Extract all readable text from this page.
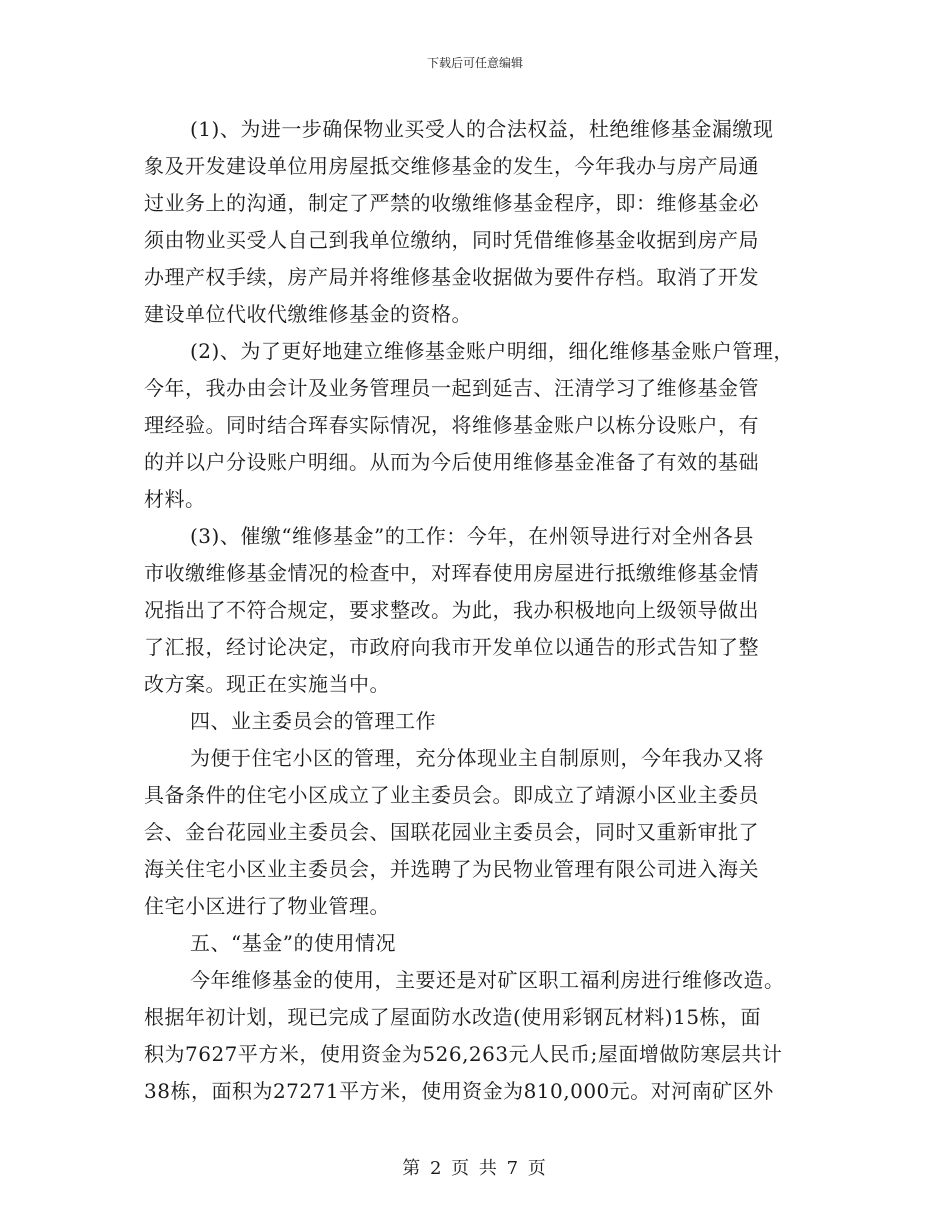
下载后可任意编辑
(1)、为进一步确保物业买受人的合法权益，杜绝维修基金漏缴现
象及开发建设单位用房屋抵交维修基金的发生，今年我办与房产局通
过业务上的沟通，制定了严禁的收缴维修基金程序，即：维修基金必
须由物业买受人自己到我单位缴纳，同时凭借维修基金收据到房产局
办理产权手续，房产局并将维修基金收据做为要件存档。取消了开发
建设单位代收代缴维修基金的资格。
(2)、为了更好地建立维修基金账户明细，细化维修基金账户管理，
今年，我办由会计及业务管理员一起到延吉、汪清学习了维修基金管
理经验。同时结合珲春实际情况，将维修基金账户以栋分设账户，有
的并以户分设账户明细。从而为今后使用维修基金准备了有效的基础
材料。
(3)、催缴“维修基金”的工作：今年，在州领导进行对全州各县
市收缴维修基金情况的检查中，对珲春使用房屋进行抵缴维修基金情
况指出了不符合规定，要求整改。为此，我办积极地向上级领导做出
了汇报，经讨论决定，市政府向我市开发单位以通告的形式告知了整
改方案。现正在实施当中。
四、业主委员会的管理工作
为便于住宅小区的管理，充分体现业主自制原则，今年我办又将
具备条件的住宅小区成立了业主委员会。即成立了靖源小区业主委员
会、金台花园业主委员会、国联花园业主委员会，同时又重新审批了
海关住宅小区业主委员会，并选聘了为民物业管理有限公司进入海关
住宅小区进行了物业管理。
五、“基金”的使用情况
今年维修基金的使用，主要还是对矿区职工福利房进行维修改造。
根据年初计划，现已完成了屋面防水改造(使用彩钢瓦材料)15栋，面
积为7627平方米，使用资金为526,263元人民币;屋面增做防寒层共计
38栋，面积为27271平方米，使用资金为810,000元。对河南矿区外
第 2 页 共 7 页
